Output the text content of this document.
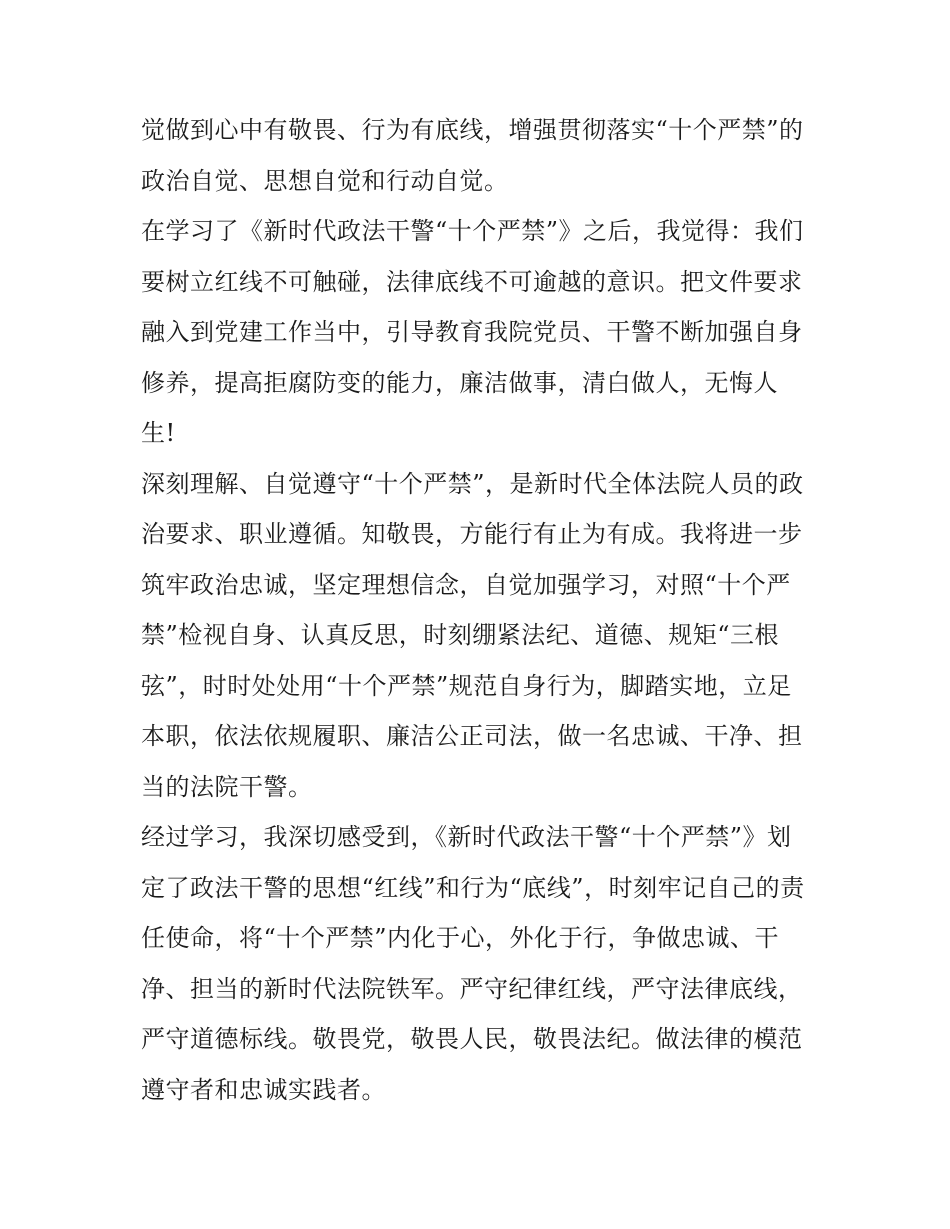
觉做到心中有敬畏、行为有底线，增强贯彻落实“十个严禁”的
政治自觉、思想自觉和行动自觉。
在学习了《新时代政法干警“十个严禁”》之后，我觉得：我们
要树立红线不可触碰，法律底线不可逾越的意识。把文件要求
融入到党建工作当中，引导教育我院党员、干警不断加强自身
修养，提高拒腐防变的能力，廉洁做事，清白做人，无悔人
生!
深刻理解、自觉遵守“十个严禁”，是新时代全体法院人员的政
治要求、职业遵循。知敬畏，方能行有止为有成。我将进一步
筑牢政治忠诚，坚定理想信念，自觉加强学习，对照“十个严
禁”检视自身、认真反思，时刻绷紧法纪、道德、规矩“三根
弦”，时时处处用“十个严禁”规范自身行为，脚踏实地，立足
本职，依法依规履职、廉洁公正司法，做一名忠诚、干净、担
当的法院干警。
经过学习，我深切感受到，《新时代政法干警“十个严禁”》划
定了政法干警的思想“红线”和行为“底线”，时刻牢记自己的责
任使命，将“十个严禁”内化于心，外化于行，争做忠诚、干
净、担当的新时代法院铁军。严守纪律红线，严守法律底线，
严守道德标线。敬畏党，敬畏人民，敬畏法纪。做法律的模范
遵守者和忠诚实践者。
